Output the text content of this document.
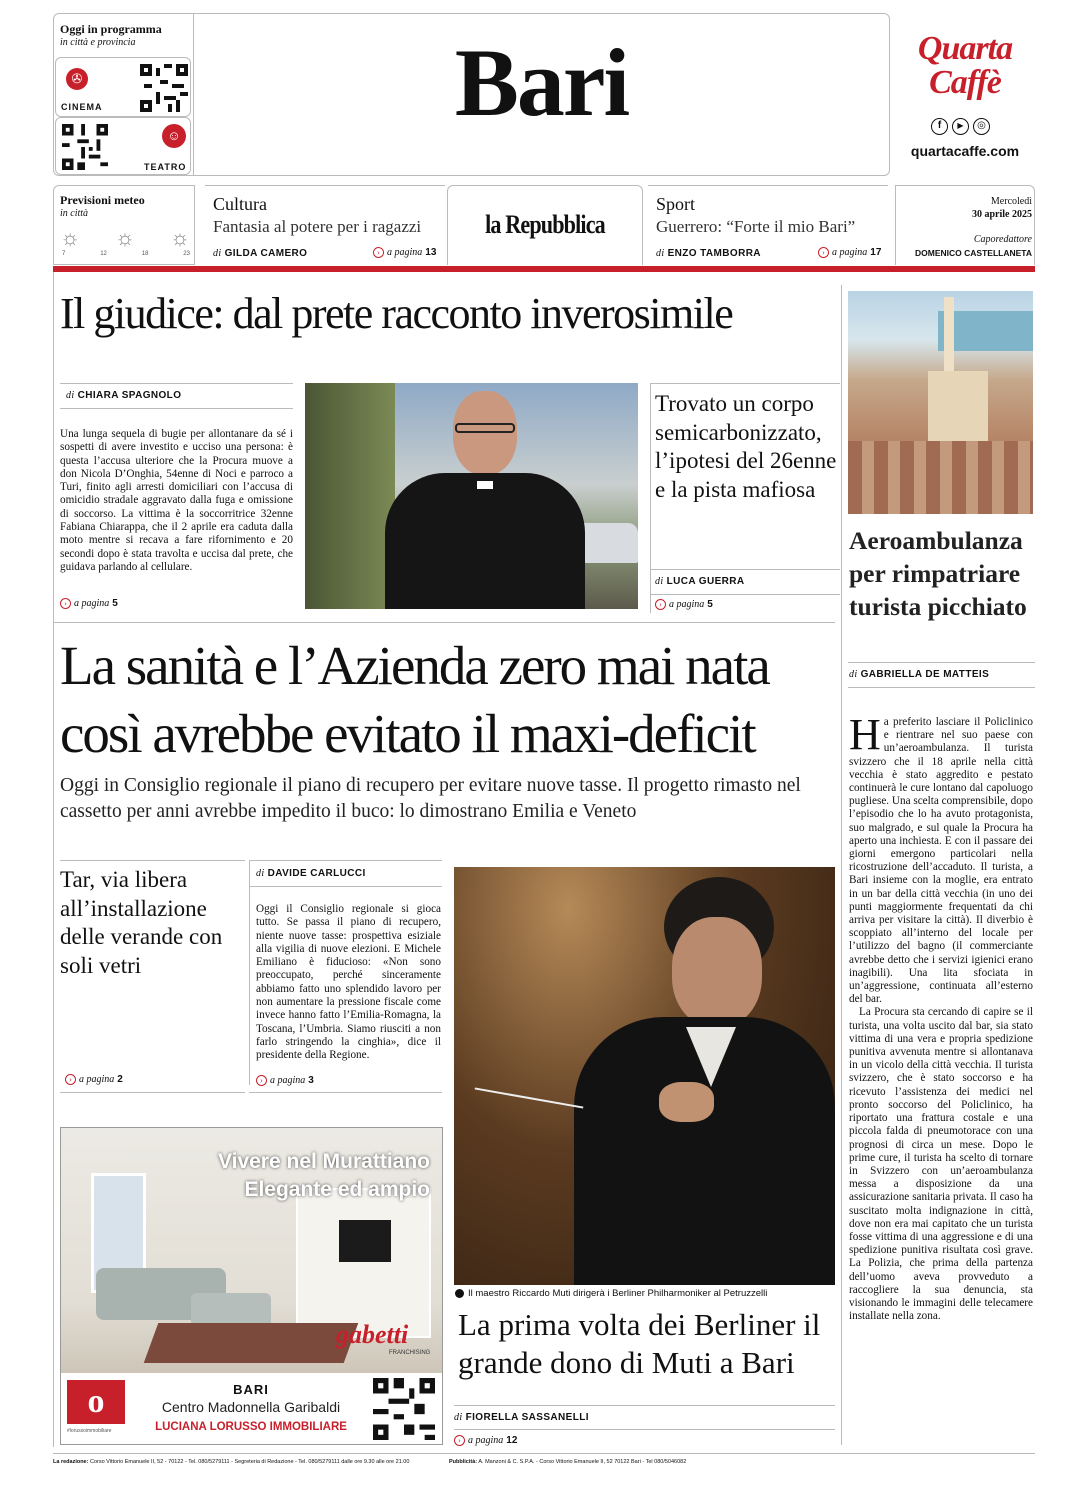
Oggi in programma
in città e provincia
✇
CINEMA
☺
TEATRO
Bari	Quarta Caffè
f	▶	◎
quartacaffe.com
Previsioni meteo
in città
☼ ☼ ☼
7	12	18	23
Cultura
Fantasia al potere per i ragazzi
di GILDA CAMERO	› a pagina 13
la Repubblica
Sport
Guerrero: “Forte il mio Bari”
di ENZO TAMBORRA	› a pagina 17
Mercoledì
30 aprile 2025
Caporedattore
DOMENICO CASTELLANETA
Il giudice: dal prete racconto inverosimile
di CHIARA SPAGNOLO
Una lunga sequela di bugie per allontanare da sé i sospetti di avere investito e ucciso una persona: è questa l’accusa ulteriore che la Procura muove a don Nicola D’Onghia, 54enne di Noci e parroco a Turi, finito agli arresti domiciliari con l’accusa di omicidio stradale aggravato dalla fuga e omissione di soccorso. La vittima è la soccorritrice 32enne Fabiana Chiarappa, che il 2 aprile era caduta dalla moto mentre si recava a fare rifornimento e 20 secondi dopo è stata travolta e uccisa dal prete, che guidava parlando al cellulare.
› a pagina 5
Trovato un corpo semicarbonizzato, l’ipotesi del 26enne e la pista mafiosa
di LUCA GUERRA
› a pagina 5
La sanità e l’Azienda zero mai nata così avrebbe evitato il maxi-deficit
Oggi in Consiglio regionale il piano di recupero per evitare nuove tasse. Il progetto rimasto nel cassetto per anni avrebbe impedito il buco: lo dimostrano Emilia e Veneto
Tar, via libera all’installazione delle verande con soli vetri
› a pagina 2
di DAVIDE CARLUCCI
Oggi il Consiglio regionale si gioca tutto. Se passa il piano di recupero, niente nuove tasse: prospettiva esiziale alla vigilia di nuove elezioni. E Michele Emiliano è fiducioso: «Non sono preoccupato, perché sinceramente abbiamo fatto uno splendido lavoro per non aumentare la pressione fiscale come invece hanno fatto l’Emilia-Romagna, la Toscana, l’Umbria. Siamo riusciti a non farlo stringendo la cinghia», dice il presidente della Regione.
› a pagina 3
Vivere nel Murattiano
Elegante ed ampio
gabetti
FRANCHISING
o
#lorussoimmobiliare
BARI
Centro Madonnella Garibaldi
LUCIANA LORUSSO IMMOBILIARE
Il maestro Riccardo Muti dirigerà i Berliner Philharmoniker al Petruzzelli
La prima volta dei Berliner il grande dono di Muti a Bari
di FIORELLA SASSANELLI
› a pagina 12
Aeroambulanza per rimpatriare turista picchiato
di GABRIELLA DE MATTEIS
H a preferito lasciare il Policlinico e rientrare nel suo paese con un’aeroambulanza. Il turista svizzero che il 18 aprile nella città vecchia è stato aggredito e pestato continuerà le cure lontano dal capoluogo pugliese. Una scelta comprensibile, dopo l’episodio che lo ha avuto protagonista, suo malgrado, e sul quale la Procura ha aperto una inchiesta. E con il passare dei giorni emergono particolari nella ricostruzione dell’accaduto. Il turista, a Bari insieme con la moglie, era entrato in un bar della città vecchia (in uno dei punti maggiormente frequentati da chi arriva per visitare la città). Il diverbio è scoppiato all’interno del locale per l’utilizzo del bagno (il commerciante avrebbe detto che i servizi igienici erano inagibili). Una lita sfociata in un’aggressione, continuata all’esterno del bar.

La Procura sta cercando di capire se il turista, una volta uscito dal bar, sia stato vittima di una vera e propria spedizione punitiva avvenuta mentre si allontanava in un vicolo della città vecchia. Il turista svizzero, che è stato soccorso e ha ricevuto l’assistenza dei medici nel pronto soccorso del Policlinico, ha riportato una frattura costale e una piccola falda di pneumotorace con una prognosi di circa un mese. Dopo le prime cure, il turista ha scelto di tornare in Svizzero con un’aeroambulanza messa a disposizione da una assicurazione sanitaria privata. Il caso ha suscitato molta indignazione in città, dove non era mai capitato che un turista fosse vittima di una aggressione e di una spedizione punitiva risultata così grave. La Polizia, che prima della partenza dell’uomo aveva provveduto a raccogliere la sua denuncia, sta visionando le immagini delle telecamere installate nella zona.

La redazione: Corso Vittorio Emanuele II, 52 - 70122 - Tel. 080/5279111 - Segreteria di Redazione - Tel. 080/5279111 dalle ore 9.30 alle ore 21.00	Pubblicità: A. Manzoni & C. S.P.A. - Corso Vittorio Emanuele II, 52 70122 Bari - Tel 080/5046082
